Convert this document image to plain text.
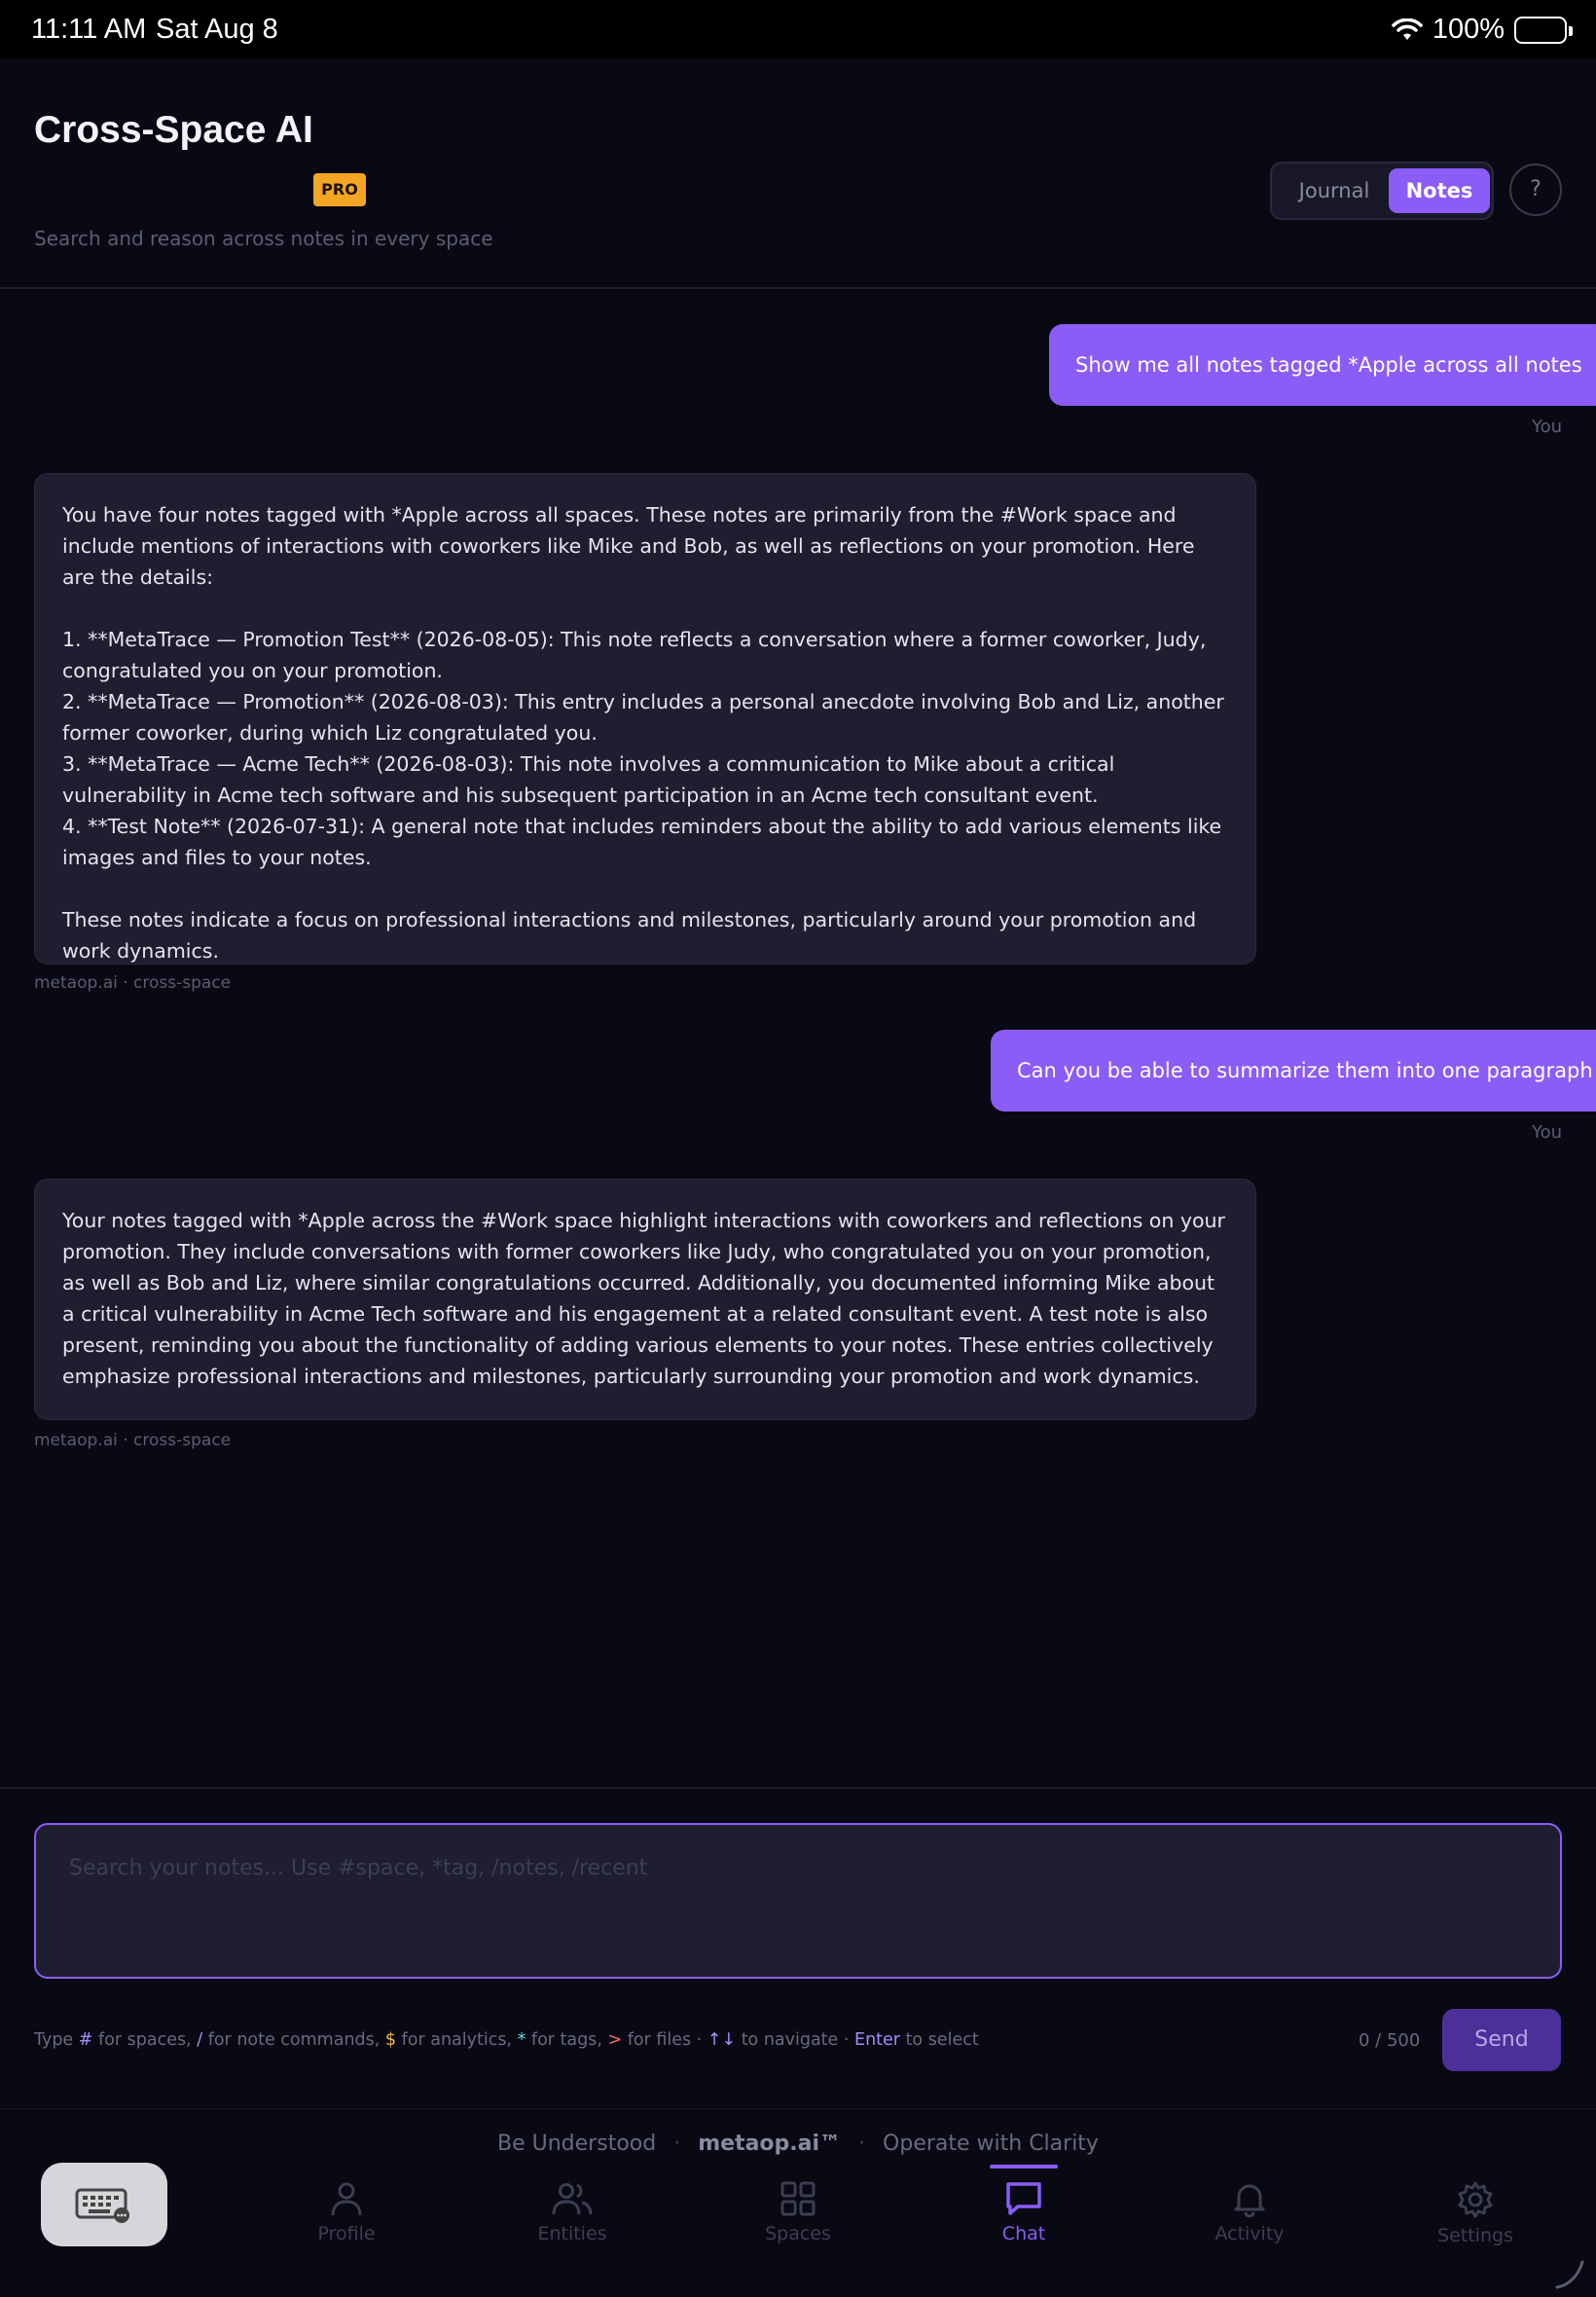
11:11 AM Sat Aug 8	100%
Cross-Space AI
PRO
Search and reason across notes in every space
Journal	Notes	?
Show me all notes tagged *Apple across all notes
You

You have four notes tagged with *Apple across all spaces. These notes are primarily from the #Work space and include mentions of interactions with coworkers like Mike and Bob, as well as reflections on your promotion. Here are the details:

1. **MetaTrace — Promotion Test** (2026-08-05): This note reflects a conversation where a former coworker, Judy, congratulated you on your promotion.
2. **MetaTrace — Promotion** (2026-08-03): This entry includes a personal anecdote involving Bob and Liz, another former coworker, during which Liz congratulated you.
3. **MetaTrace — Acme Tech** (2026-08-03): This note involves a communication to Mike about a critical vulnerability in Acme tech software and his subsequent participation in an Acme tech consultant event.
4. **Test Note** (2026-07-31): A general note that includes reminders about the ability to add various elements like images and files to your notes.

These notes indicate a focus on professional interactions and milestones, particularly around your promotion and work dynamics.

metaop.ai · cross-space
Can you be able to summarize them into one paragraph
You

Your notes tagged with *Apple across the #Work space highlight interactions with coworkers and reflections on your promotion. They include conversations with former coworkers like Judy, who congratulated you on your promotion, as well as Bob and Liz, where similar congratulations occurred. Additionally, you documented informing Mike about a critical vulnerability in Acme Tech software and his engagement at a related consultant event. A test note is also present, reminding you about the functionality of adding various elements to your notes. These entries collectively emphasize professional interactions and milestones, particularly surrounding your promotion and work dynamics.

metaop.ai · cross-space
Search your notes... Use #space, *tag, /notes, /recent
Type # for spaces, / for note commands, $ for analytics, * for tags, > for files · ↑↓ to navigate · Enter to select	0 / 500	Send
Be Understood · metaop.ai™ · Operate with Clarity
Profile	Entities	Spaces	Chat	Activity	Settings
